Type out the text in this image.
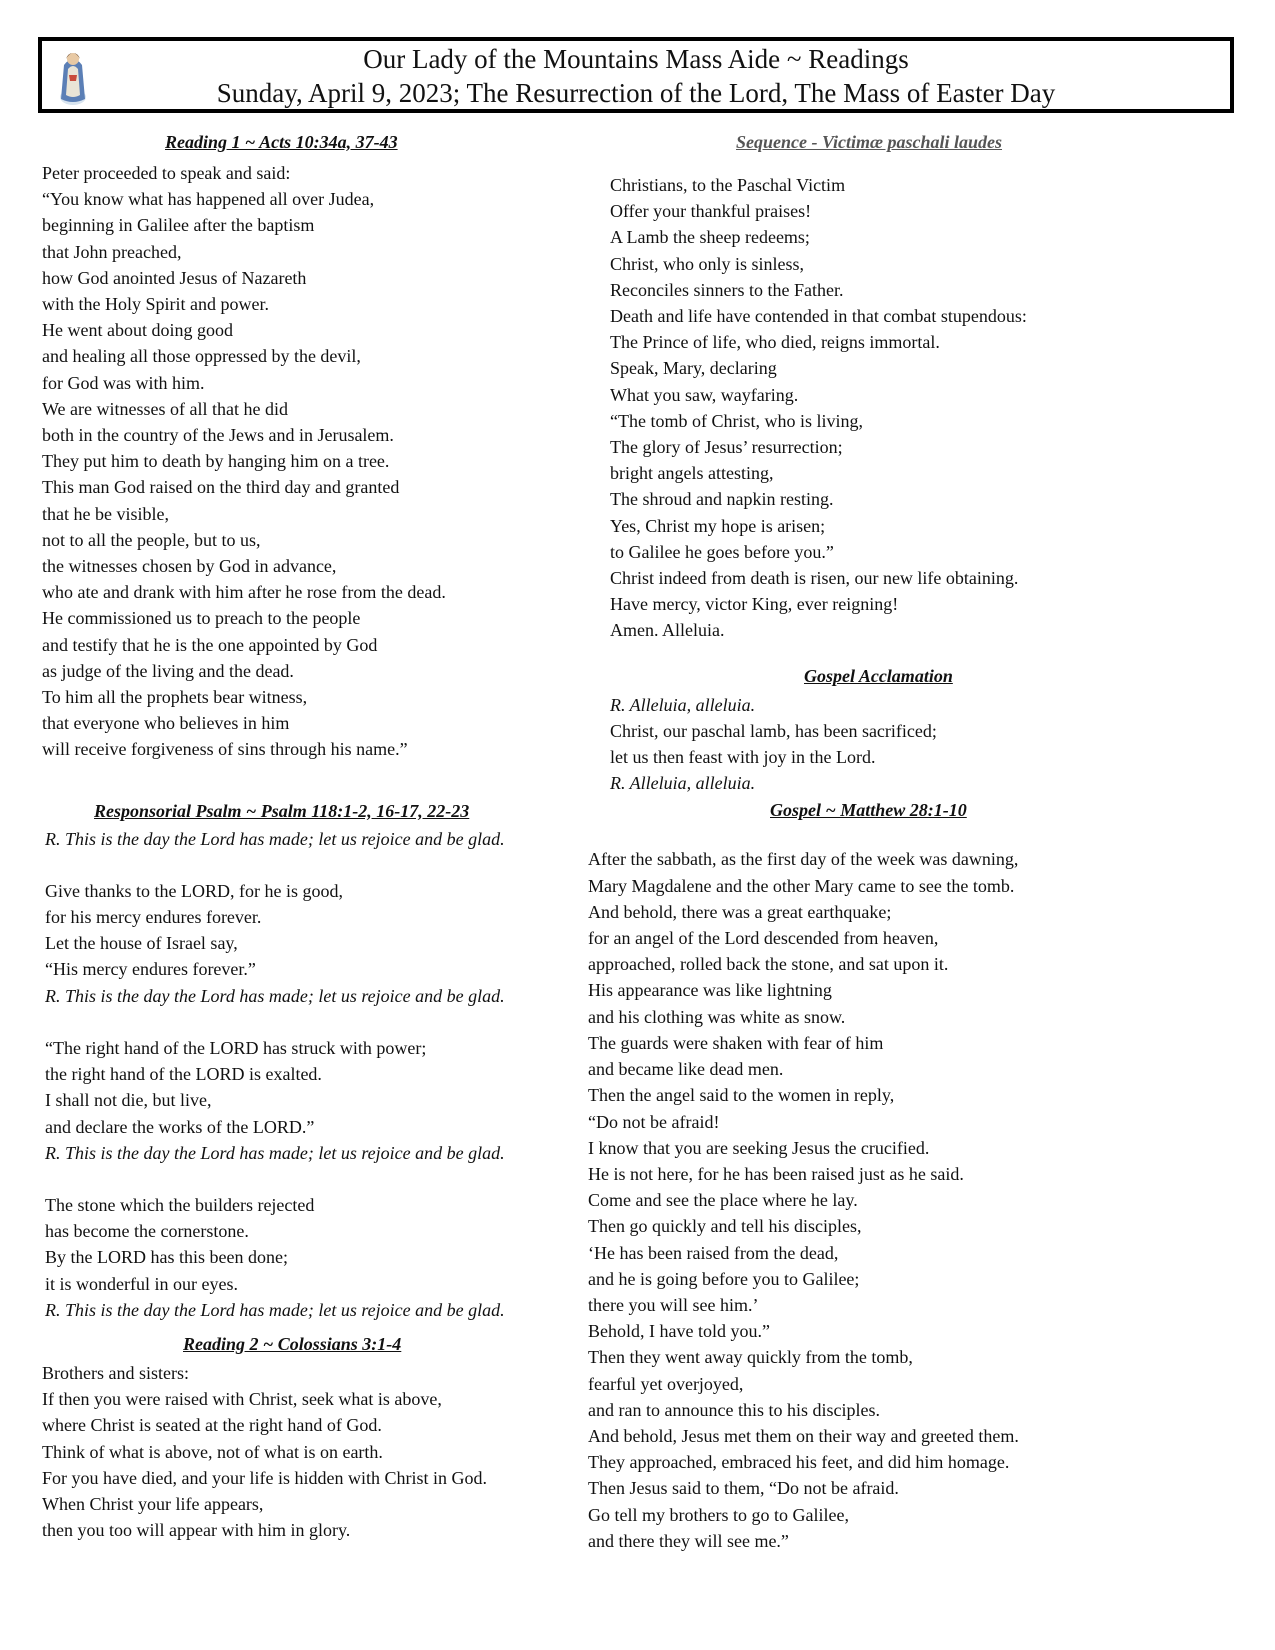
Our Lady of the Mountains Mass Aide ~ Readings
Sunday, April 9, 2023; The Resurrection of the Lord, The Mass of Easter Day
Reading 1 ~ Acts 10:34a, 37-43
Peter proceeded to speak and said:
“You know what has happened all over Judea,
beginning in Galilee after the baptism
that John preached,
how God anointed Jesus of Nazareth
with the Holy Spirit and power.
He went about doing good
and healing all those oppressed by the devil,
for God was with him.
We are witnesses of all that he did
both in the country of the Jews and in Jerusalem.
They put him to death by hanging him on a tree.
This man God raised on the third day and granted
that he be visible,
not to all the people, but to us,
the witnesses chosen by God in advance,
who ate and drank with him after he rose from the dead.
He commissioned us to preach to the people
and testify that he is the one appointed by God
as judge of the living and the dead.
To him all the prophets bear witness,
that everyone who believes in him
will receive forgiveness of sins through his name.”
Responsorial Psalm ~ Psalm 118:1-2, 16-17, 22-23
R. This is the day the Lord has made; let us rejoice and be glad.
Give thanks to the LORD, for he is good,
for his mercy endures forever.
Let the house of Israel say,
“His mercy endures forever.”
R. This is the day the Lord has made; let us rejoice and be glad.
“The right hand of the LORD has struck with power;
the right hand of the LORD is exalted.
I shall not die, but live,
and declare the works of the LORD.”
R. This is the day the Lord has made; let us rejoice and be glad.
The stone which the builders rejected
has become the cornerstone.
By the LORD has this been done;
it is wonderful in our eyes.
R. This is the day the Lord has made; let us rejoice and be glad.
Reading 2 ~ Colossians 3:1-4
Brothers and sisters:
If then you were raised with Christ, seek what is above,
where Christ is seated at the right hand of God.
Think of what is above, not of what is on earth.
For you have died, and your life is hidden with Christ in God.
When Christ your life appears,
then you too will appear with him in glory.
Sequence - Victimæ paschali laudes
Christians, to the Paschal Victim
Offer your thankful praises!
A Lamb the sheep redeems;
Christ, who only is sinless,
Reconciles sinners to the Father.
Death and life have contended in that combat stupendous:
The Prince of life, who died, reigns immortal.
Speak, Mary, declaring
What you saw, wayfaring.
“The tomb of Christ, who is living,
The glory of Jesus’ resurrection;
bright angels attesting,
The shroud and napkin resting.
Yes, Christ my hope is arisen;
to Galilee he goes before you.”
Christ indeed from death is risen, our new life obtaining.
Have mercy, victor King, ever reigning!
Amen. Alleluia.
Gospel Acclamation
R. Alleluia, alleluia.
Christ, our paschal lamb, has been sacrificed;
let us then feast with joy in the Lord.
R. Alleluia, alleluia.
Gospel ~ Matthew 28:1-10
After the sabbath, as the first day of the week was dawning,
Mary Magdalene and the other Mary came to see the tomb.
And behold, there was a great earthquake;
for an angel of the Lord descended from heaven,
approached, rolled back the stone, and sat upon it.
His appearance was like lightning
and his clothing was white as snow.
The guards were shaken with fear of him
and became like dead men.
Then the angel said to the women in reply,
“Do not be afraid!
I know that you are seeking Jesus the crucified.
He is not here, for he has been raised just as he said.
Come and see the place where he lay.
Then go quickly and tell his disciples,
‘He has been raised from the dead,
and he is going before you to Galilee;
there you will see him.’
Behold, I have told you.”
Then they went away quickly from the tomb,
fearful yet overjoyed,
and ran to announce this to his disciples.
And behold, Jesus met them on their way and greeted them.
They approached, embraced his feet, and did him homage.
Then Jesus said to them, “Do not be afraid.
Go tell my brothers to go to Galilee,
and there they will see me.”
